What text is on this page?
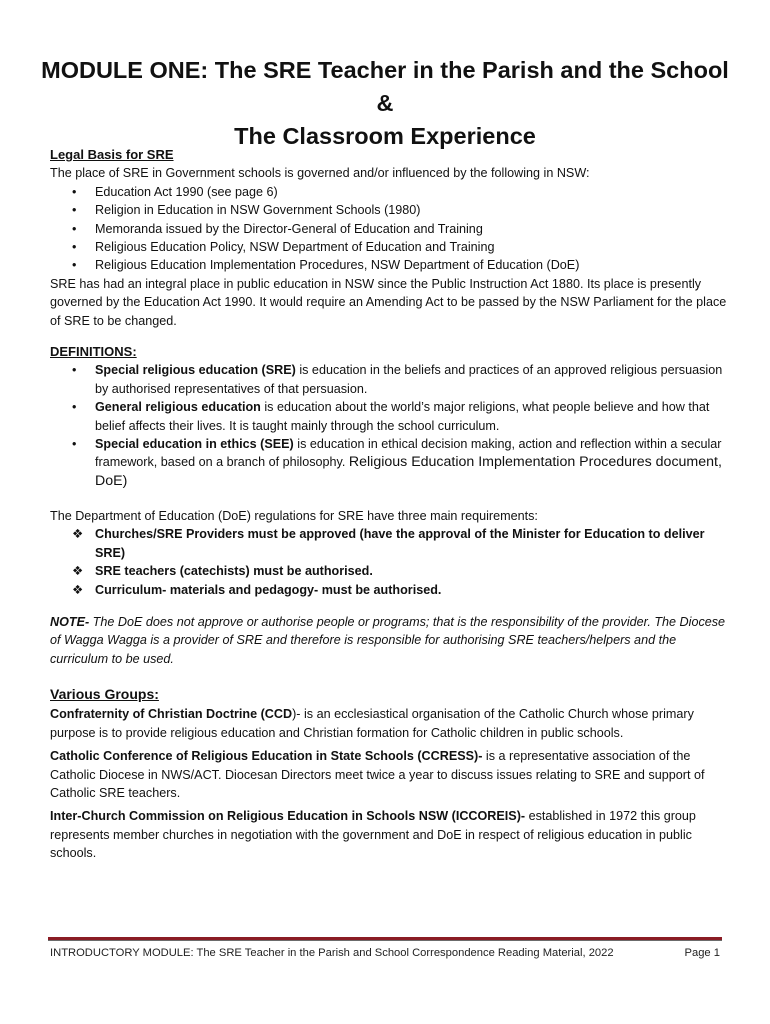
MODULE ONE: The SRE Teacher in the Parish and the School &
The Classroom Experience
Legal Basis for SRE

The place of SRE in Government schools is governed and/or influenced by the following in NSW:

• Education Act 1990 (see page 6)
• Religion in Education in NSW Government Schools (1980)
• Memoranda issued by the Director-General of Education and Training
• Religious Education Policy, NSW Department of Education and Training
• Religious Education Implementation Procedures, NSW Department of Education (DoE)

SRE has had an integral place in public education in NSW since the Public Instruction Act 1880. Its place is presently governed by the Education Act 1990. It would require an Amending Act to be passed by the NSW Parliament for the place of SRE to be changed.

DEFINITIONS:
• Special religious education (SRE) is education in the beliefs and practices of an approved religious persuasion by authorised representatives of that persuasion.
• General religious education is education about the world’s major religions, what people believe and how that belief affects their lives. It is taught mainly through the school curriculum.
• Special education in ethics (SEE) is education in ethical decision making, action and reflection within a secular framework, based on a branch of philosophy. Religious Education Implementation Procedures document, DoE)

The Department of Education (DoE) regulations for SRE have three main requirements:

❖ Churches/SRE Providers must be approved (have the approval of the Minister for Education to deliver SRE)
❖ SRE teachers (catechists) must be authorised.
❖ Curriculum- materials and pedagogy- must be authorised.
NOTE- The DoE does not approve or authorise people or programs; that is the responsibility of the provider. The Diocese of Wagga Wagga is a provider of SRE and therefore is responsible for authorising SRE teachers/helpers and the curriculum to be used.
Various Groups:

Confraternity of Christian Doctrine (CCD)- is an ecclesiastical organisation of the Catholic Church whose primary purpose is to provide religious education and Christian formation for Catholic children in public schools.

Catholic Conference of Religious Education in State Schools (CCRESS)- is a representative association of the Catholic Diocese in NWS/ACT. Diocesan Directors meet twice a year to discuss issues relating to SRE and support of Catholic SRE teachers.

Inter-Church Commission on Religious Education in Schools NSW (ICCOREIS)- established in 1972 this group represents member churches in negotiation with the government and DoE in respect of religious education in public schools.

INTRODUCTORY MODULE: The SRE Teacher in the Parish and School Correspondence Reading Material, 2022	Page 1
